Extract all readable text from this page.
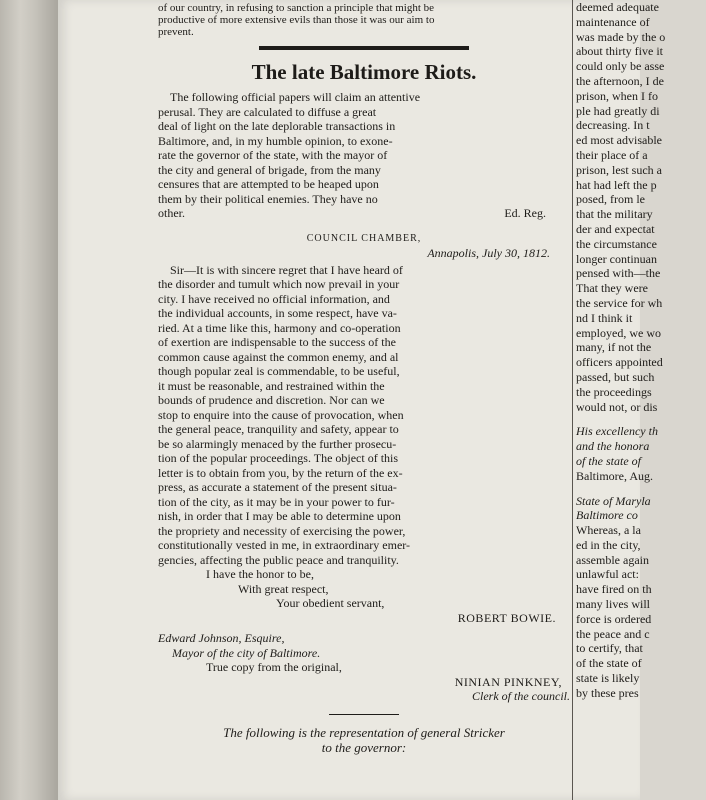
of our country, in refusing to sanction a principle that might be

productive of more extensive evils than those it was our aim to

prevent.

The late Baltimore Riots.

The following official papers will claim an attentive

perusal. They are calculated to diffuse a great

deal of light on the late deplorable transactions in

Baltimore, and, in my humble opinion, to exone-

rate the governor of the state, with the mayor of

the city and general of brigade, from the many

censures that are attempted to be heaped upon

them by their political enemies. They have no

other.	Ed. Reg.

COUNCIL CHAMBER,

Annapolis, July 30, 1812.

Sir—It is with sincere regret that I have heard of

the disorder and tumult which now prevail in your

city. I have received no official information, and

the individual accounts, in some respect, have va-

ried. At a time like this, harmony and co-operation

of exertion are indispensable to the success of the

common cause against the common enemy, and al

though popular zeal is commendable, to be useful,

it must be reasonable, and restrained within the

bounds of prudence and discretion. Nor can we

stop to enquire into the cause of provocation, when

the general peace, tranquility and safety, appear to

be so alarmingly menaced by the further prosecu-

tion of the popular proceedings. The object of this

letter is to obtain from you, by the return of the ex-

press, as accurate a statement of the present situa-

tion of the city, as it may be in your power to fur-

nish, in order that I may be able to determine upon

the propriety and necessity of exercising the power,

constitutionally vested in me, in extraordinary emer-

gencies, affecting the public peace and tranquility.

I have the honor to be,

With great respect,

Your obedient servant,

ROBERT BOWIE.

Edward Johnson, Esquire,

Mayor of the city of Baltimore.

True copy from the original,

NINIAN PINKNEY,

Clerk of the council.

The following is the representation of general Stricker

to the governor:

deemed adequate

maintenance of

was made by the o

about thirty five it

could only be asse

the afternoon, I de

prison, when I fo

ple had greatly di

decreasing. In t

ed most advisable

their place of a

prison, lest such a

hat had left the p

posed, from le

that the military

der and expectat

the circumstance

longer continuan

pensed with—the

That they were

the service for wh

nd I think it

employed, we wo

many, if not the

officers appointed

passed, but such

the proceedings

would not, or dis

His excellency th

and the honora

of the state of

Baltimore, Aug.

State of Maryla

Baltimore co

Whereas, a la

ed in the city,

assemble again

unlawful act:

have fired on th

many lives will

force is ordered

the peace and c

to certify, that

of the state of

state is likely

by these pres
